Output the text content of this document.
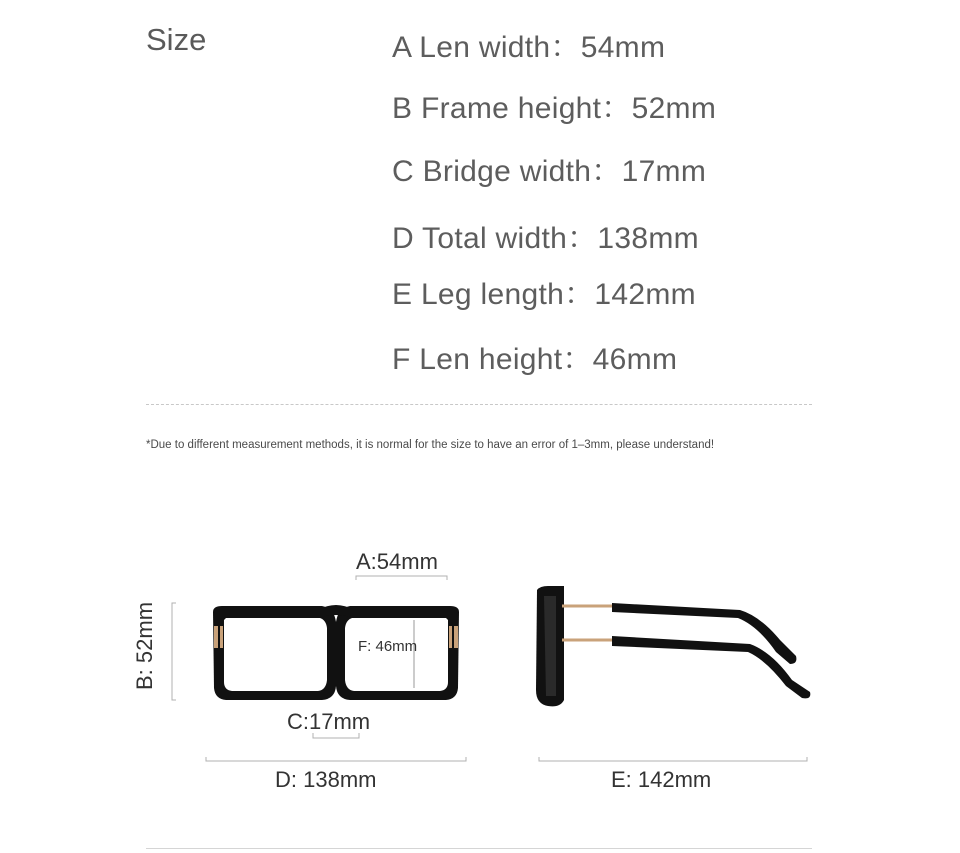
Size	A Len width：54mm
B Frame height：52mm
C Bridge width：17mm
D Total width：138mm
E Leg length：142mm
F Len height：46mm
*Due to different measurement methods, it is normal for the size to have an error of 1–3mm, please understand!
A:54mm
B: 52mm
C:17mm
D: 138mm	E: 142mm
F: 46mm
